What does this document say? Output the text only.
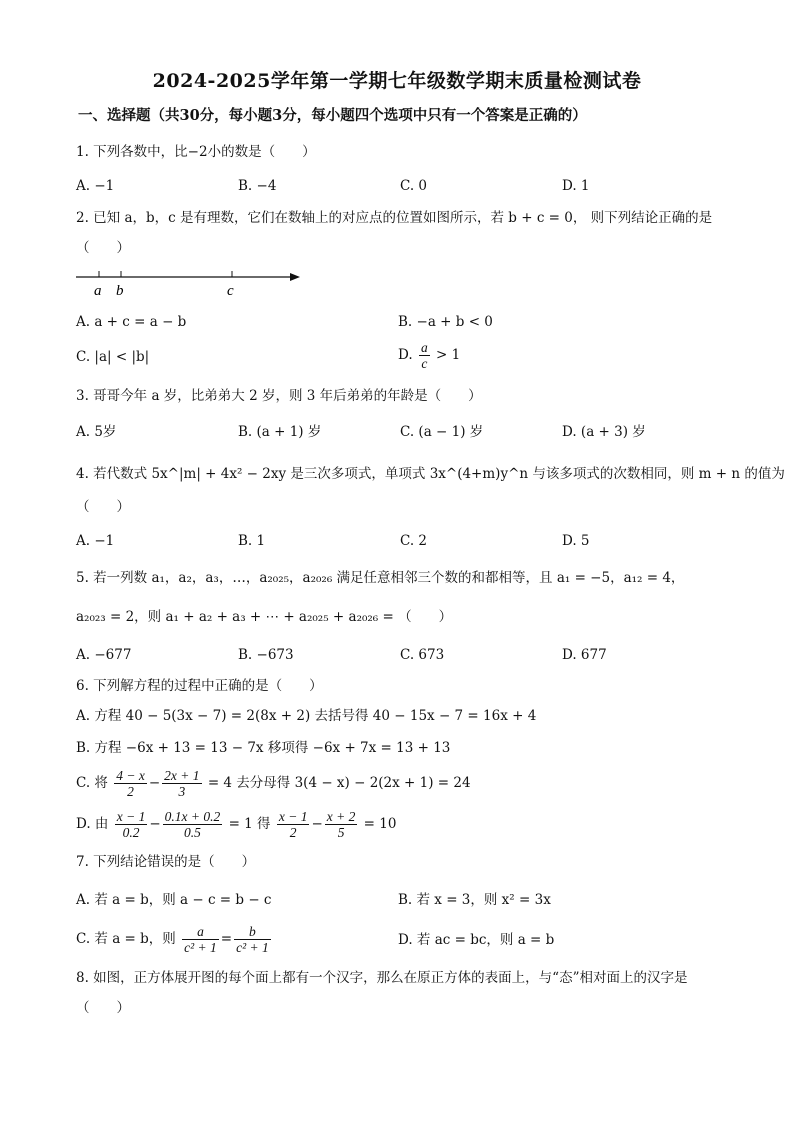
2024-2025学年第一学期七年级数学期末质量检测试卷
一、选择题（共30分，每小题3分，每小题四个选项中只有一个答案是正确的）
1. 下列各数中，比−2小的数是（　　）
A. −1	B. −4	C. 0	D. 1
2. 已知 a，b，c 是有理数，它们在数轴上的对应点的位置如图所示，若 b + c = 0， 则下列结论正确的是
（　　）
a b	c
A. a + c = a − b	B. −a + b < 0
C. |a| < |b|	D. $\frac{a}{c} > 1$
3. 哥哥今年 a 岁，比弟弟大 2 岁，则 3 年后弟弟的年龄是（　　）
A. 5岁	B. (a + 1) 岁	C. (a − 1) 岁	D. (a + 3) 岁
4. 若代数式 5x^|m| + 4x² − 2xy 是三次多项式，单项式 3x^(4+m)y^n 与该多项式的次数相同，则 m + n 的值为
（　　）
A. −1	B. 1	C. 2	D. 5
5. 若一列数 a₁，a₂，a₃，…，a₂₀₂₅，a₂₀₂₆ 满足任意相邻三个数的和都相等，且 a₁ = −5，a₁₂ = 4，
a₂₀₂₃ = 2，则 a₁ + a₂ + a₃ + ⋯ + a₂₀₂₅ + a₂₀₂₆ = （　　）
A. −677	B. −673	C. 673	D. 677
6. 下列解方程的过程中正确的是（　　）
A. 方程 40 − 5(3x − 7) = 2(8x + 2) 去括号得 40 − 15x − 7 = 16x + 4
B. 方程 −6x + 13 = 13 − 7x 移项得 −6x + 7x = 13 + 13
C. 将 $\frac{4 - x}{2} - \frac{2x + 1}{3} = 4$ 去分母得 3(4 − x) − 2(2x + 1) = 24
D. 由 $\frac{x - 1}{0.2} - \frac{0.1x + 0.2}{0.5} = 1$ 得 $\frac{x - 1}{2} - \frac{x + 2}{5} = 10$
7. 下列结论错误的是（　　）
A. 若 a = b，则 a − c = b − c	B. 若 x = 3，则 x² = 3x
C. 若 a = b，则 $\frac{a}{\text{c² + 1}} = \frac{b}{\text{c² + 1}}$	D. 若 ac = bc，则 a = b
8. 如图，正方体展开图的每个面上都有一个汉字，那么在原正方体的表面上，与“态”相对面上的汉字是
（　　）
